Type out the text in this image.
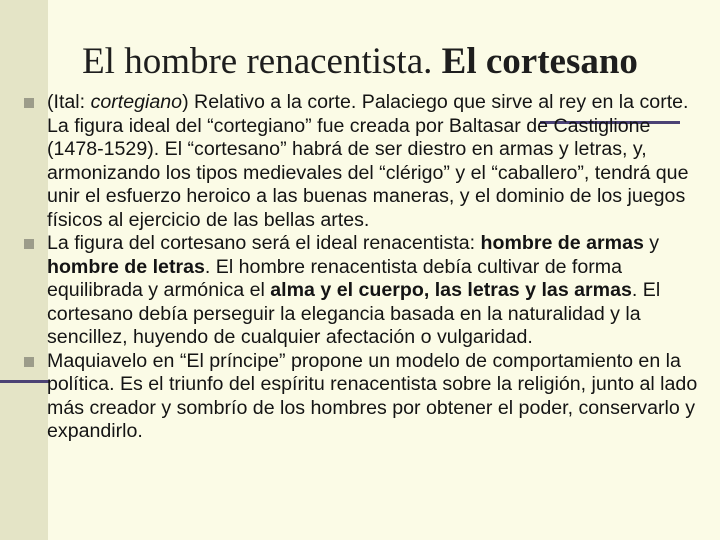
El hombre renacentista. El cortesano
(Ital: cortegiano) Relativo a la corte. Palaciego que sirve al rey en la corte. La figura ideal del “cortegiano” fue creada por Baltasar de Castiglione (1478-1529). El “cortesano” habrá de ser diestro en armas y letras, y, armonizando los tipos medievales del “clérigo” y el “caballero”, tendrá que unir el esfuerzo heroico a las buenas maneras, y el dominio de los juegos físicos al ejercicio de las bellas artes.
La figura del cortesano será el ideal renacentista: hombre de armas y hombre de letras. El hombre renacentista debía cultivar de forma equilibrada y armónica el alma y el cuerpo, las letras y las armas. El cortesano debía perseguir la elegancia basada en la naturalidad y la sencillez, huyendo de cualquier afectación o vulgaridad.
Maquiavelo en “El príncipe” propone un modelo de comportamiento en la política. Es el triunfo del espíritu renacentista sobre la religión, junto al lado más creador y sombrío de los hombres por obtener el poder, conservarlo y expandirlo.
